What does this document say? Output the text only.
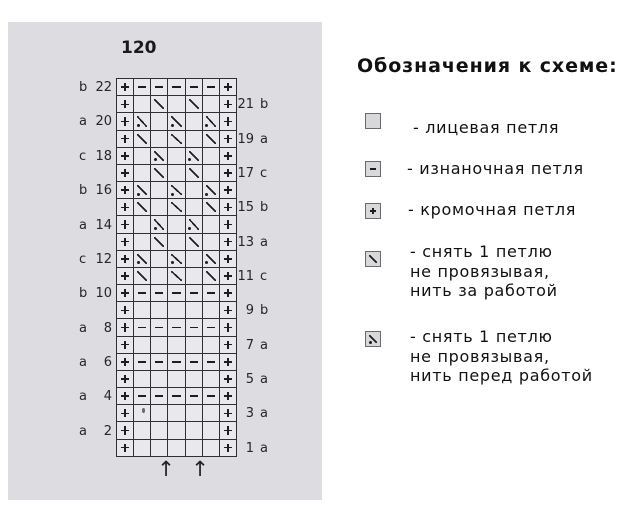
120
b 22
21 b
a 20
19 a
c 18
17 c
b 16
15 b
a 14
13 a
c 12
11 c
b 10
9 b
a 8
7 a
a 6
5 a
a 4
3 a
a 2
1 a
↑ ↑
Обозначения к схеме:
- лицевая петля
- изнаночная петля
- кромочная петля
- снять 1 петлю
не провязывая,
нить за работой
- снять 1 петлю
не провязывая,
нить перед работой
